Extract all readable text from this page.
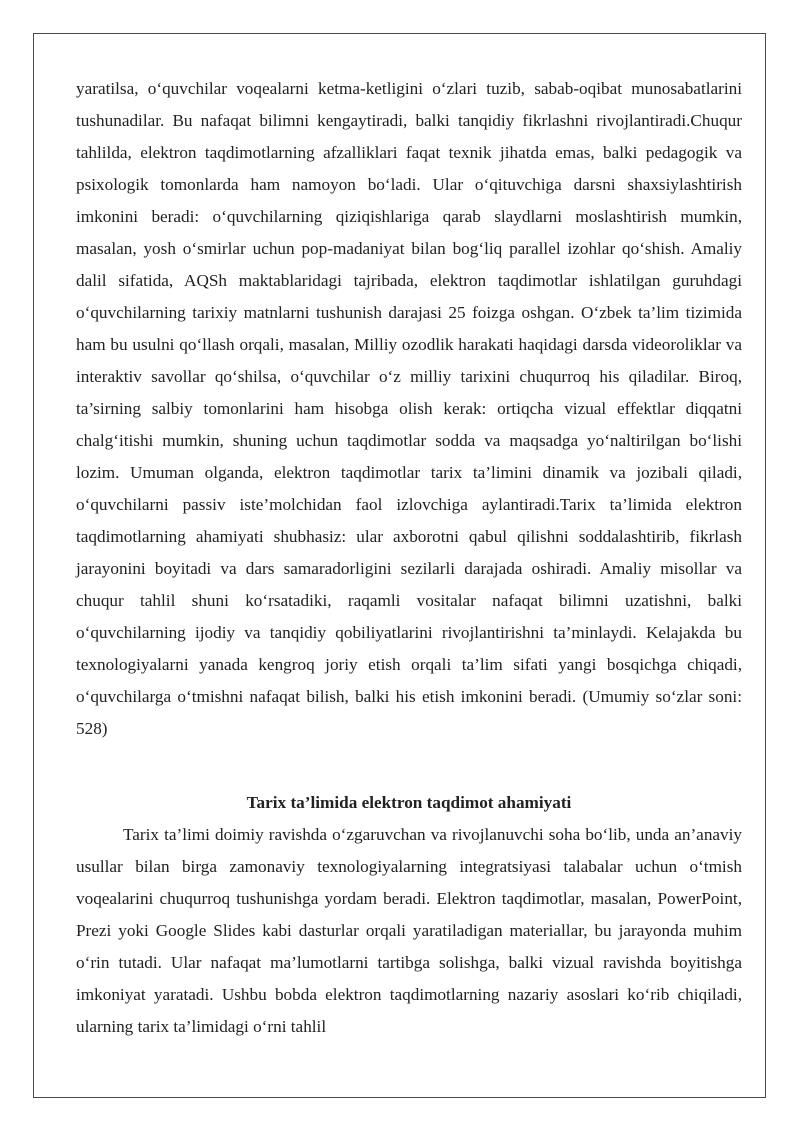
yaratilsa, o‘quvchilar voqealarni ketma-ketligini o‘zlari tuzib, sabab-oqibat munosabatlarini tushunadilar. Bu nafaqat bilimni kengaytiradi, balki tanqidiy fikrlashni rivojlantiradi.Chuqur tahlilda, elektron taqdimotlarning afzalliklari faqat texnik jihatda emas, balki pedagogik va psixologik tomonlarda ham namoyon bo‘ladi. Ular o‘qituvchiga darsni shaxsiylashtirish imkonini beradi: o‘quvchilarning qiziqishlariga qarab slaydlarni moslashtirish mumkin, masalan, yosh o‘smirlar uchun pop-madaniyat bilan bog‘liq parallel izohlar qo‘shish. Amaliy dalil sifatida, AQSh maktablaridagi tajribada, elektron taqdimotlar ishlatilgan guruhdagi o‘quvchilarning tarixiy matnlarni tushunish darajasi 25 foizga oshgan. O‘zbek ta’lim tizimida ham bu usulni qo‘llash orqali, masalan, Milliy ozodlik harakati haqidagi darsda videoroliklar va interaktiv savollar qo‘shilsa, o‘quvchilar o‘z milliy tarixini chuqurroq his qiladilar. Biroq, ta’sirning salbiy tomonlarini ham hisobga olish kerak: ortiqcha vizual effektlar diqqatni chalg‘itishi mumkin, shuning uchun taqdimotlar sodda va maqsadga yo‘naltirilgan bo‘lishi lozim. Umuman olganda, elektron taqdimotlar tarix ta’limini dinamik va jozibali qiladi, o‘quvchilarni passiv iste’molchidan faol izlovchiga aylantiradi.Tarix ta’limida elektron taqdimotlarning ahamiyati shubhasiz: ular axborotni qabul qilishni soddalashtirib, fikrlash jarayonini boyitadi va dars samaradorligini sezilarli darajada oshiradi. Amaliy misollar va chuqur tahlil shuni ko‘rsatadiki, raqamli vositalar nafaqat bilimni uzatishni, balki o‘quvchilarning ijodiy va tanqidiy qobiliyatlarini rivojlantirishni ta’minlaydi. Kelajakda bu texnologiyalarni yanada kengroq joriy etish orqali ta’lim sifati yangi bosqichga chiqadi, o‘quvchilarga o‘tmishni nafaqat bilish, balki his etish imkonini beradi. (Umumiy so‘zlar soni: 528)

Tarix ta’limida elektron taqdimot ahamiyati

Tarix ta’limi doimiy ravishda o‘zgaruvchan va rivojlanuvchi soha bo‘lib, unda an’anaviy usullar bilan birga zamonaviy texnologiyalarning integratsiyasi talabalar uchun o‘tmish voqealarini chuqurroq tushunishga yordam beradi. Elektron taqdimotlar, masalan, PowerPoint, Prezi yoki Google Slides kabi dasturlar orqali yaratiladigan materiallar, bu jarayonda muhim o‘rin tutadi. Ular nafaqat ma’lumotlarni tartibga solishga, balki vizual ravishda boyitishga imkoniyat yaratadi. Ushbu bobda elektron taqdimotlarning nazariy asoslari ko‘rib chiqiladi, ularning tarix ta’limidagi o‘rni tahlil
